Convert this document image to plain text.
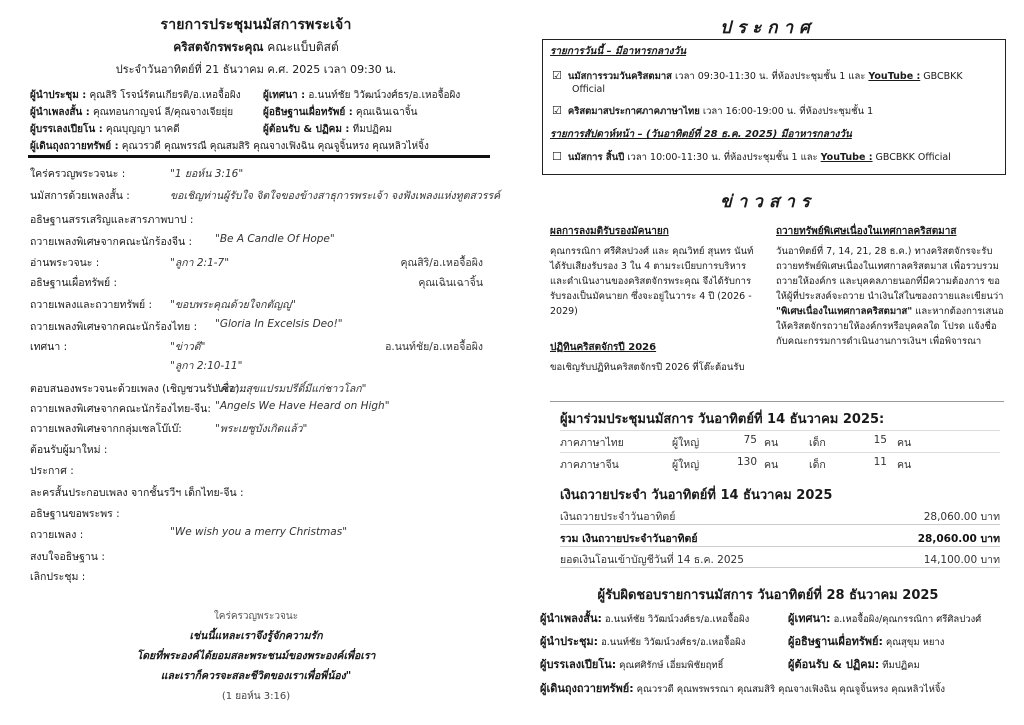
รายการประชุมนมัสการพระเจ้า
คริสตจักรพระคุณ คณะแบ็บติสต์
ประจำวันอาทิตย์ที่ 21 ธันวาคม ค.ศ. 2025 เวลา 09:30 น.
ผู้นำประชุม : คุณสิริ โรจน์รัตนเกียรติ/อ.เหอจื้อผิง ผู้เทศนา : อ.นนท์ชัย วิวัฒน์วงศ์ธร/อ.เหอจื้อผิง
ผู้นำเพลงสั้น : คุณทอนกาญจน์ ลี/คุณจางเจียยุ่ย	ผู้อธิษฐานเผื่อทรัพย์ : คุณเฉินเฉาจิ้น
ผู้บรรเลงเปียโน : คุณบุญญา นาคดี	ผู้ต้อนรับ & ปฏิคม : ทีมปฏิคม
ผู้เดินถุงถวายทรัพย์ : คุณวรวดี คุณพรรณี คุณสมสิริ คุณจางเฟิงฉิน คุณจูจิ้นหรง คุณหลิวไห่จิ้ง
ใคร่ครวญพระวจนะ :	"1 ยอห์น 3:16"
นมัสการด้วยเพลงสั้น :	ขอเชิญท่านผู้รับใจ จิตใจของข้างสาธุการพระเจ้า จงฟังเพลงแห่งทูตสวรรค์
อธิษฐานสรรเสริญและสารภาพบาป :
ถวายเพลงพิเศษจากคณะนักร้องจีน : "Be A Candle Of Hope"
อ่านพระวจนะ :	"ลูกา 2:1-7"	คุณสิริ/อ.เหอจื้อผิง
อธิษฐานเผื่อทรัพย์ :	คุณเฉินเฉาจิ้น
ถวายเพลงและถวายทรัพย์ : "ขอบพระคุณด้วยใจกตัญญู"
ถวายเพลงพิเศษจากคณะนักร้องไทย : "Gloria In Excelsis Deo!"
เทศนา :	"ข่าวดี"	อ.นนท์ชัย/อ.เหอจื้อผิง
"ลูกา 2:10-11"
ตอบสนองพระวจนะด้วยเพลง (เชิญชวนรับเชื่อ) :
"ความสุขแปรมปรีดิ์มีแก่ชาวโลก"
ถวายเพลงพิเศษจากคณะนักร้องไทย-จีน: "Angels We Have Heard on High"
ถวายเพลงพิเศษจากกลุ่มเซลโบ๊เบ๊:	"พระเยซูบังเกิดแล้ว"
ต้อนรับผู้มาใหม่ :
ประกาศ :
ละครสั้นประกอบเพลง จากชั้นรวีฯ เด็กไทย-จีน :
อธิษฐานขอพระพร :
ถวายเพลง :	"We wish you a merry Christmas"
สงบใจอธิษฐาน :
เลิกประชุม :
ใคร่ครวญพระวจนะ
เช่นนี้แหละเราจึงรู้จักความรัก
โดยที่พระองค์ได้ยอมสละพระชนม์ของพระองค์เพื่อเรา
และเราก็ควรจะสละชีวิตของเราเพื่อพี่น้อง"
(1 ยอห์น 3:16)
ประกาศ
รายการวันนี้ – มีอาหารกลางวัน
☑ นมัสการรวมวันคริสตมาส เวลา 09:30-11:30 น. ที่ห้องประชุมชั้น 1 และ YouTube : GBCBKK
Official
☑ คริสตมาสประกาศภาคภาษาไทย เวลา 16:00-19:00 น. ที่ห้องประชุมชั้น 1
รายการสัปดาห์หน้า – (วันอาทิตย์ที่ 28 ธ.ค. 2025) มีอาหารกลางวัน
☐ นมัสการ สิ้นปี เวลา 10:00-11:30 น. ที่ห้องประชุมชั้น 1 และ YouTube : GBCBKK Official
ข่าวสาร
ผลการลงมติรับรองมัคนายก
คุณกรรณิกา ศรีศิลปวงศ์ และ คุณวิทย์ สุนทร นันท์ ได้รับเสียงรับรอง 3 ใน 4 ตามระเบียบการบริหารและดำเนินงานของคริสตจักรพระคุณ จึงได้รับการรับรองเป็นมัคนายก ซึ่งจะอยู่ในวาระ 4 ปี (2026 - 2029)
ปฏิทินคริสตจักรปี 2026
ขอเชิญรับปฏิทินคริสตจักรปี 2026 ที่โต๊ะต้อนรับ
ถวายทรัพย์พิเศษเนื่องในเทศกาลคริสตมาส
วันอาทิตย์ที่ 7, 14, 21, 28 ธ.ค.) ทางคริสตจักรจะรับถวายทรัพย์พิเศษเนื่องในเทศกาลคริสตมาส เพื่อรวบรวมถวายให้องค์กร และบุคคลภายนอกที่มีความต้องการ ขอให้ผู้ที่ประสงค์จะถวาย นำเงินใส่ในซองถวายและเขียนว่า "พิเศษเนื่องในเทศกาลคริสตมาส" และหากต้องการเสนอให้คริสตจักรถวายให้องค์กรหรือบุคคลใด โปรด แจ้งชื่อกับคณะกรรมการดำเนินงานการเงินฯ เพื่อพิจารณา
ผู้มาร่วมประชุมนมัสการ วันอาทิตย์ที่ 14 ธันวาคม 2025:
ภาคภาษาไทย	ผู้ใหญ่	75 คน	เด็ก	15 คน
ภาคภาษาจีน	ผู้ใหญ่	130 คน	เด็ก	11 คน
เงินถวายประจำ วันอาทิตย์ที่ 14 ธันวาคม 2025
เงินถวายประจำวันอาทิตย์	28,060.00 บาท
รวม เงินถวายประจำวันอาทิตย์	28,060.00 บาท
ยอดเงินโอนเข้าบัญชีวันที่ 14 ธ.ค. 2025	14,100.00 บาท
ผู้รับผิดชอบรายการนมัสการ วันอาทิตย์ที่ 28 ธันวาคม 2025
ผู้นำเพลงสั้น: อ.นนท์ชัย วิวัฒน์วงศ์ธร/อ.เหอจื้อผิง	ผู้เทศนา: อ.เหอจื้อผิง/คุณกรรณิกา ศรีศิลปวงศ์
ผู้นำประชุม: อ.นนท์ชัย วิวัฒน์วงศ์ธร/อ.เหอจื้อผิง	ผู้อธิษฐานเผื่อทรัพย์: คุณสุขุม หยาง
ผู้บรรเลงเปียโน: คุณศศิรักษ์ เอี่ยมพิชัยฤทธิ์	ผู้ต้อนรับ & ปฏิคม: ทีมปฏิคม
ผู้เดินถุงถวายทรัพย์: คุณวรวดี คุณพรพรรณา คุณสมสิริ คุณจางเฟิงฉิน คุณจูจิ้นหรง คุณหลิวไห่จิ้ง
